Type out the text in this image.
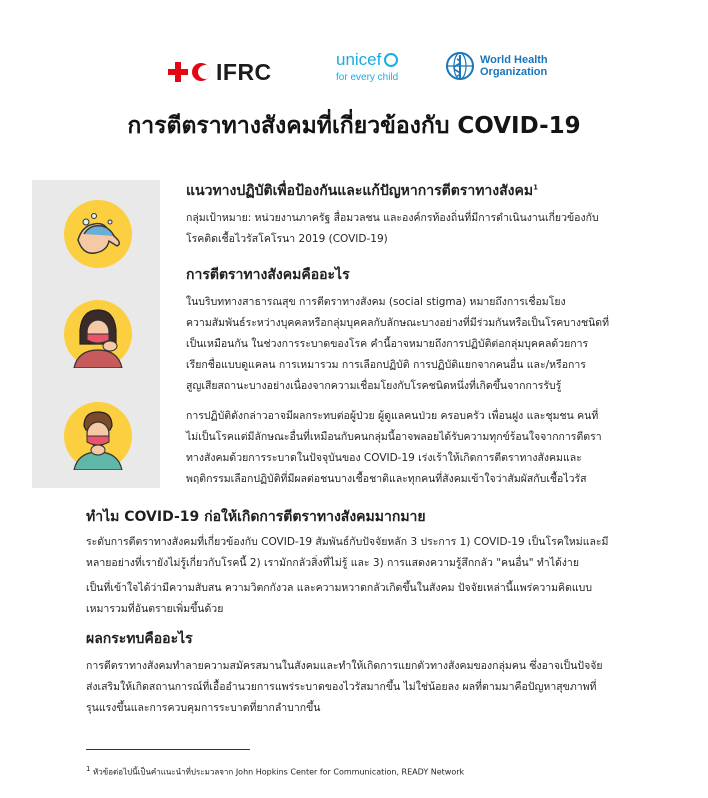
IFRC	unicef
for every child
World Health
Organization
การตีตราทางสังคมที่เกี่ยวข้องกับ COVID-19
แนวทางปฏิบัติเพื่อป้องกันและแก้ปัญหาการตีตราทางสังคม$^1$
กลุ่มเป้าหมาย: หน่วยงานภาครัฐ สื่อมวลชน และองค์กรท้องถิ่นที่มีการดำเนินงานเกี่ยวข้องกับ
โรคติดเชื้อไวรัสโคโรนา 2019 (COVID-19)
การตีตราทางสังคมคืออะไร
ในบริบททางสาธารณสุข การตีตราทางสังคม (social stigma) หมายถึงการเชื่อมโยง
ความสัมพันธ์ระหว่างบุคคลหรือกลุ่มบุคคลกับลักษณะบางอย่างที่มีร่วมกันหรือเป็นโรคบางชนิดที่
เป็นเหมือนกัน ในช่วงการระบาดของโรค คำนี้อาจหมายถึงการปฏิบัติต่อกลุ่มบุคคลด้วยการ
เรียกชื่อแบบดูแคลน การเหมารวม การเลือกปฏิบัติ การปฏิบัติแยกจากคนอื่น และ/หรือการ
สูญเสียสถานะบางอย่างเนื่องจากความเชื่อมโยงกับโรคชนิดหนึ่งที่เกิดขึ้นจากการรับรู้
การปฏิบัติดังกล่าวอาจมีผลกระทบต่อผู้ป่วย ผู้ดูแลคนป่วย ครอบครัว เพื่อนฝูง และชุมชน คนที่
ไม่เป็นโรคแต่มีลักษณะอื่นที่เหมือนกับคนกลุ่มนี้อาจพลอยได้รับความทุกข์ร้อนใจจากการตีตรา
ทางสังคมด้วยการระบาดในปัจจุบันของ COVID-19 เร่งเร้าให้เกิดการตีตราทางสังคมและ
พฤติกรรมเลือกปฏิบัติที่มีผลต่อชนบางเชื้อชาติและทุกคนที่สังคมเข้าใจว่าสัมผัสกับเชื้อไวรัส
ทำไม COVID-19 ก่อให้เกิดการตีตราทางสังคมมากมาย
ระดับการตีตราทางสังคมที่เกี่ยวข้องกับ COVID-19 สัมพันธ์กับปัจจัยหลัก 3 ประการ 1) COVID-19 เป็นโรคใหม่และมี
หลายอย่างที่เรายังไม่รู้เกี่ยวกับโรคนี้ 2) เรามักกลัวสิ่งที่ไม่รู้ และ 3) การแสดงความรู้สึกกลัว "คนอื่น" ทำได้ง่าย
เป็นที่เข้าใจได้ว่ามีความสับสน ความวิตกกังวล และความหวาดกลัวเกิดขึ้นในสังคม ปัจจัยเหล่านี้แพร่ความคิดแบบ
เหมารวมที่อันตรายเพิ่มขึ้นด้วย
ผลกระทบคืออะไร
การตีตราทางสังคมทำลายความสมัครสมานในสังคมและทำให้เกิดการแยกตัวทางสังคมของกลุ่มคน ซึ่งอาจเป็นปัจจัย
ส่งเสริมให้เกิดสถานการณ์ที่เอื้ออำนวยการแพร่ระบาดของไวรัสมากขึ้น ไม่ใช่น้อยลง ผลที่ตามมาคือปัญหาสุขภาพที่
รุนแรงขึ้นและการควบคุมการระบาดที่ยากลำบากขึ้น
$^1$ หัวข้อต่อไปนี้เป็นคำแนะนำที่ประมวลจาก John Hopkins Center for Communication, READY Network
